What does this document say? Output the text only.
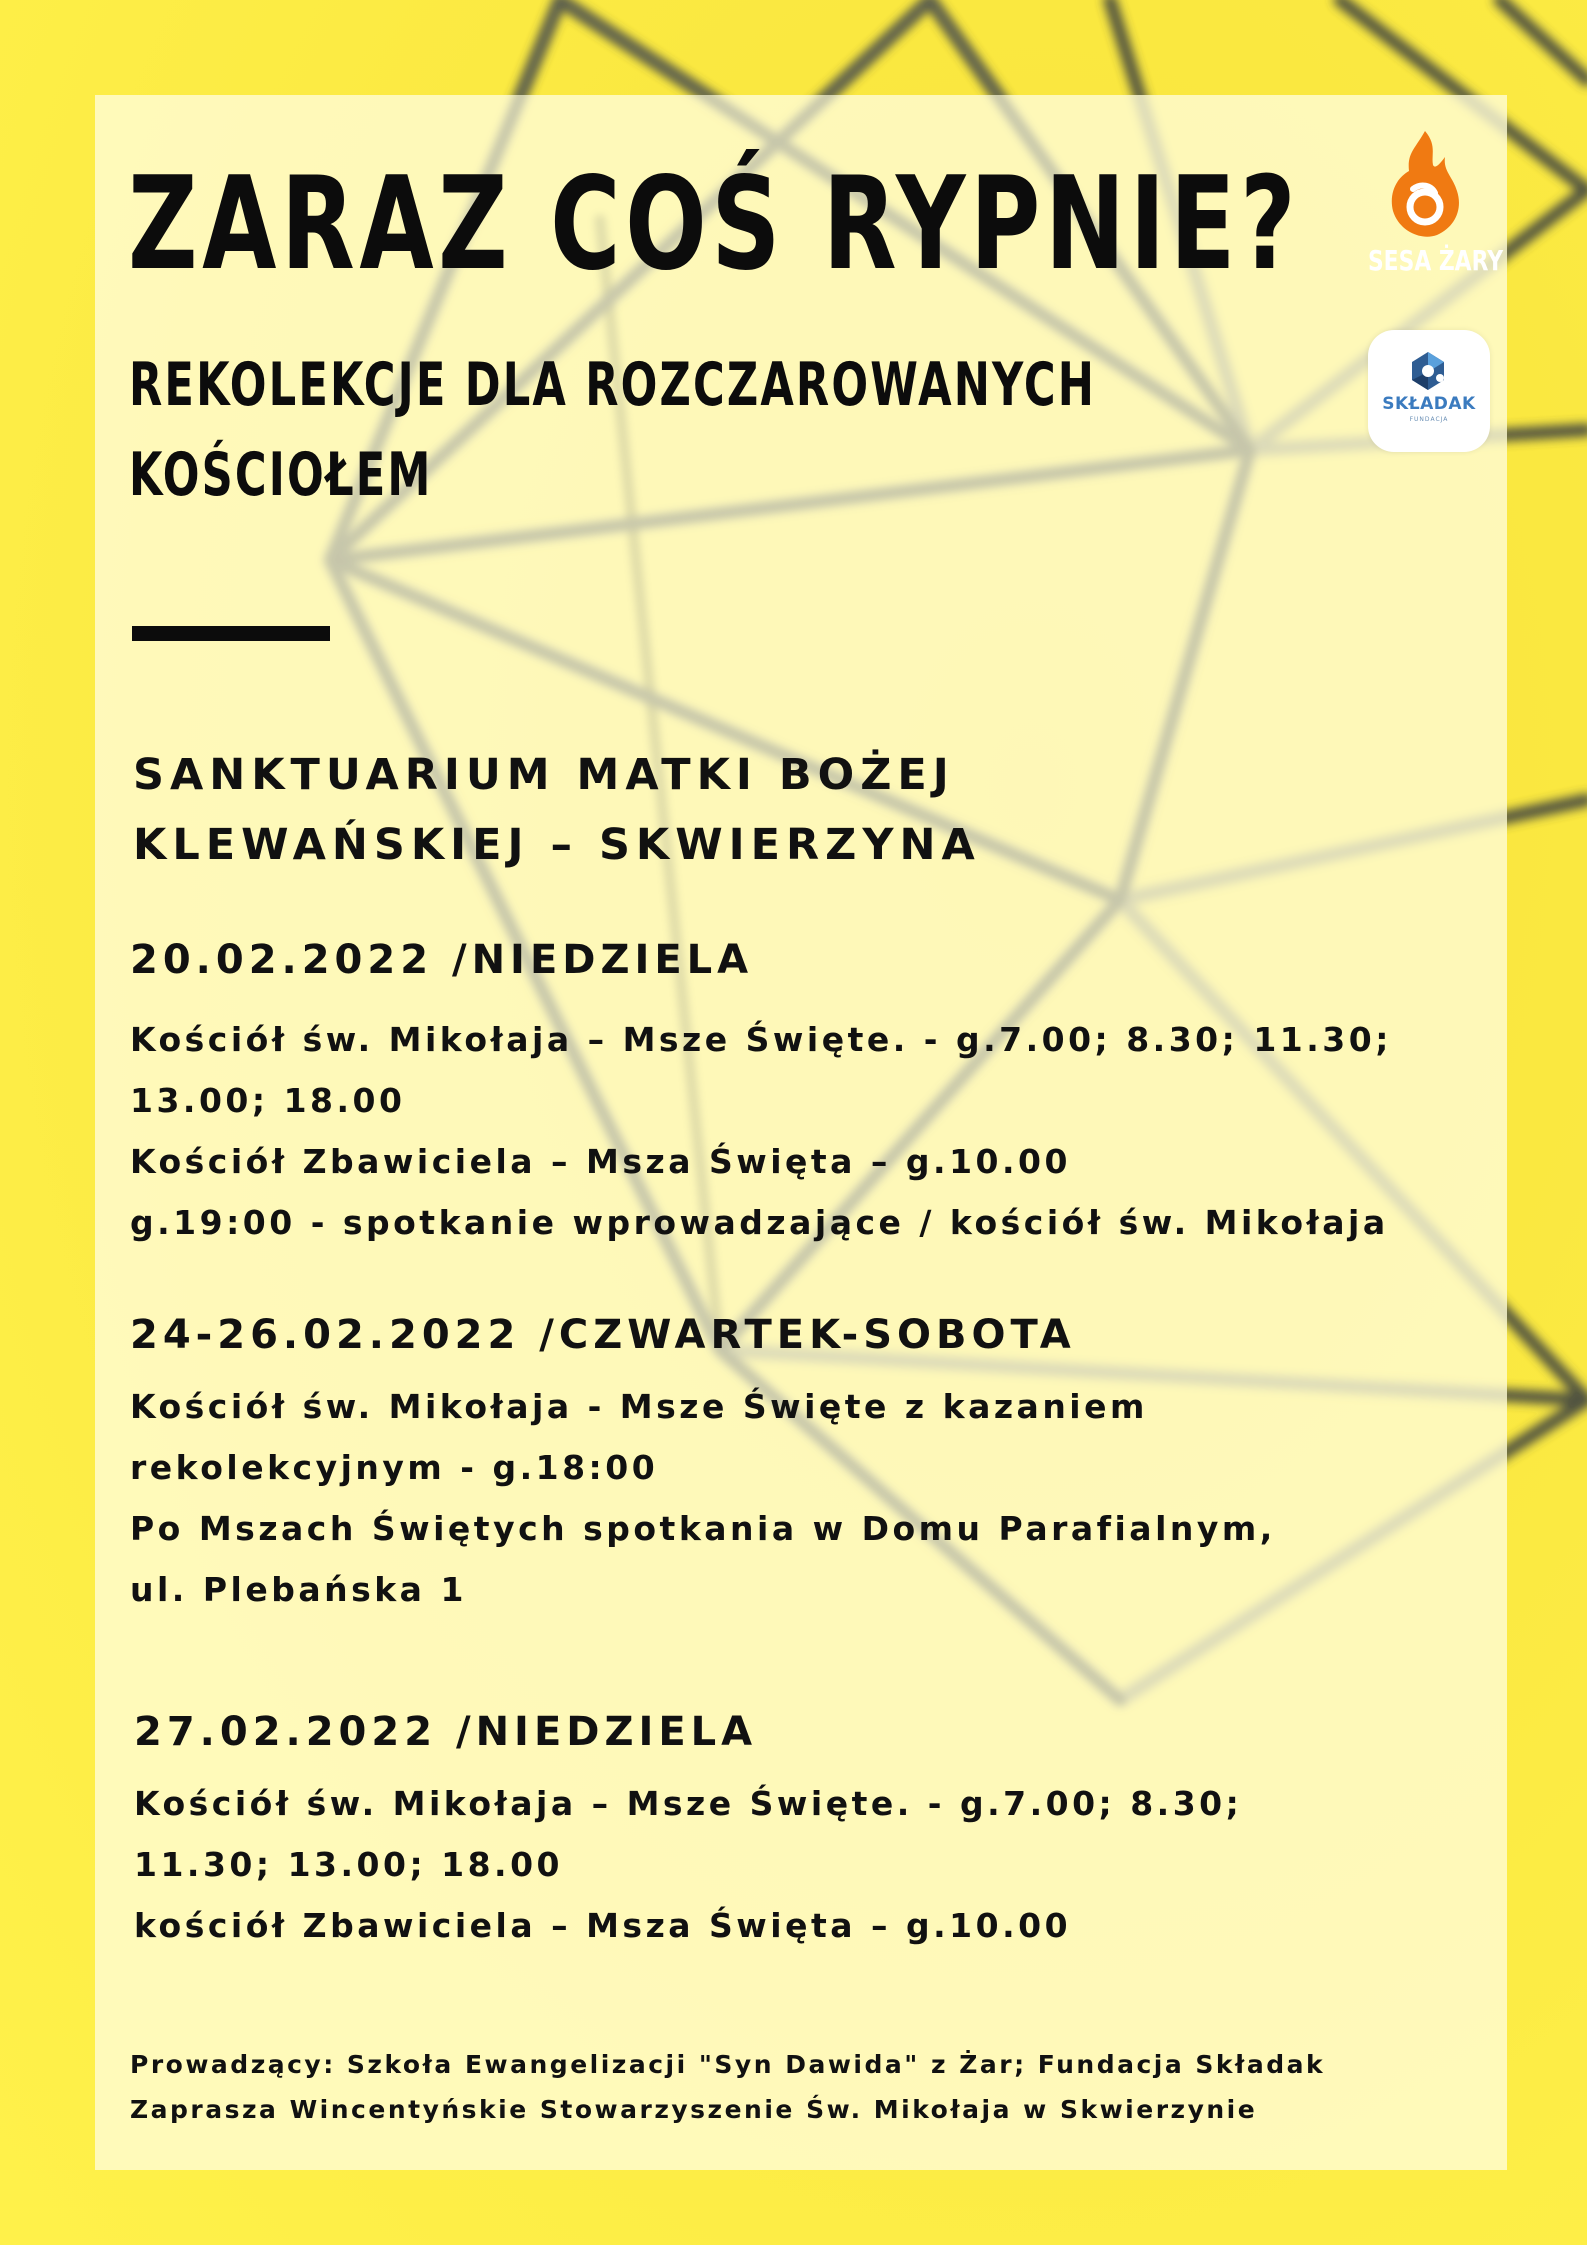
ZARAZ COŚ RYPNIE?
REKOLEKCJE DLA ROZCZAROWANYCH
KOŚCIOŁEM
SESA ŻARY
SKŁADAK
FUNDACJA
SANKTUARIUM MATKI BOŻEJ
KLEWAŃSKIEJ – SKWIERZYNA
20.02.2022 /NIEDZIELA
Kościół św. Mikołaja – Msze Święte. - g.7.00; 8.30; 11.30;
13.00; 18.00
Kościół Zbawiciela – Msza Święta – g.10.00
g.19:00 - spotkanie wprowadzające / kościół św. Mikołaja
24-26.02.2022 /CZWARTEK-SOBOTA
Kościół św. Mikołaja - Msze Święte z kazaniem
rekolekcyjnym - g.18:00
Po Mszach Świętych spotkania w Domu Parafialnym,
ul. Plebańska 1
27.02.2022 /NIEDZIELA
Kościół św. Mikołaja – Msze Święte. - g.7.00; 8.30;
11.30; 13.00; 18.00
kościół Zbawiciela – Msza Święta – g.10.00
Prowadzący: Szkoła Ewangelizacji "Syn Dawida" z Żar; Fundacja Składak
Zaprasza Wincentyńskie Stowarzyszenie Św. Mikołaja w Skwierzynie
